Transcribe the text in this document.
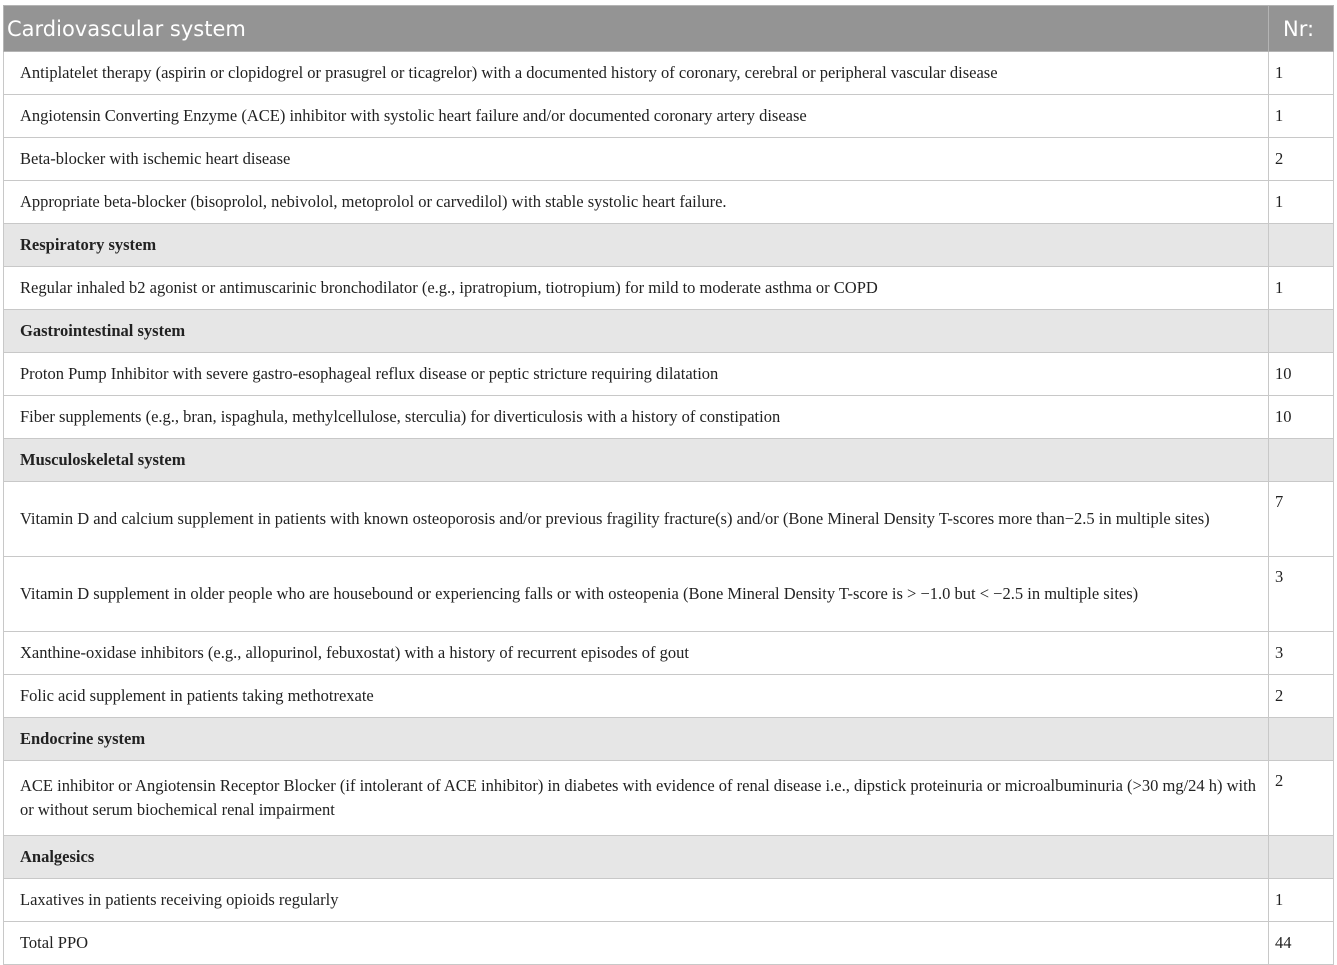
Cardiovascular system	Nr:
Antiplatelet therapy (aspirin or clopidogrel or prasugrel or ticagrelor) with a documented history of coronary, cerebral or peripheral vascular disease	1
Angiotensin Converting Enzyme (ACE) inhibitor with systolic heart failure and/or documented coronary artery disease	1
Beta-blocker with ischemic heart disease	2
Appropriate beta-blocker (bisoprolol, nebivolol, metoprolol or carvedilol) with stable systolic heart failure.	1
Respiratory system	
Regular inhaled b2 agonist or antimuscarinic bronchodilator (e.g., ipratropium, tiotropium) for mild to moderate asthma or COPD	1
Gastrointestinal system	
Proton Pump Inhibitor with severe gastro-esophageal reflux disease or peptic stricture requiring dilatation	10
Fiber supplements (e.g., bran, ispaghula, methylcellulose, sterculia) for diverticulosis with a history of constipation	10
Musculoskeletal system	
Vitamin D and calcium supplement in patients with known osteoporosis and/or previous fragility fracture(s) and/or (Bone Mineral Density T-scores more than−2.5 in multiple sites)	7
Vitamin D supplement in older people who are housebound or experiencing falls or with osteopenia (Bone Mineral Density T-score is > −1.0 but < −2.5 in multiple sites)	3
Xanthine-oxidase inhibitors (e.g., allopurinol, febuxostat) with a history of recurrent episodes of gout	3
Folic acid supplement in patients taking methotrexate	2
Endocrine system	
ACE inhibitor or Angiotensin Receptor Blocker (if intolerant of ACE inhibitor) in diabetes with evidence of renal disease i.e., dipstick proteinuria or microalbuminuria (>30 mg/24 h) with or without serum biochemical renal impairment	2
Analgesics	
Laxatives in patients receiving opioids regularly	1
Total PPO	44
